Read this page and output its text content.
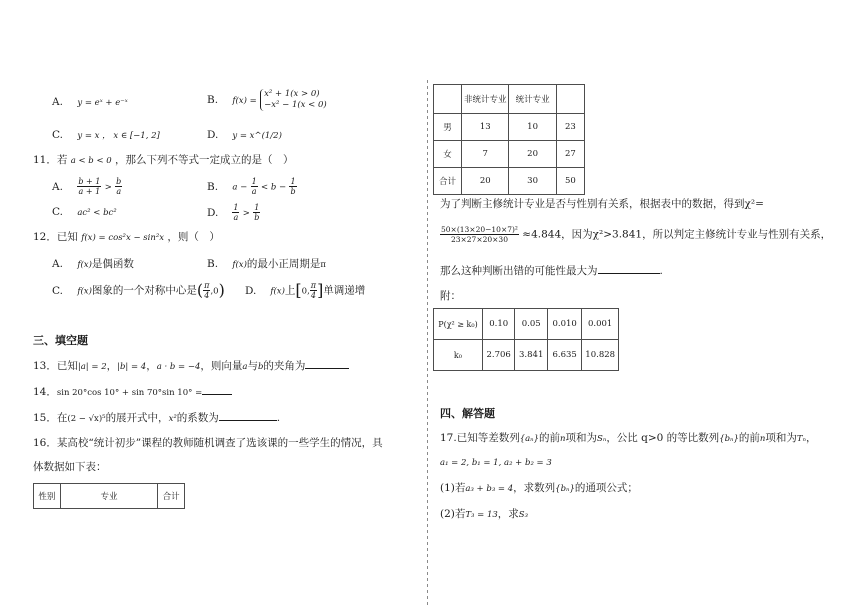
A. y = eˣ + e⁻ˣ	B. f(x) =
x² + 1(x > 0)
−x² − 1(x < 0)
C. y = x ， x ∈ [−1, 2]	D. y = x^(1/2)
11．若 a < b < 0 ，那么下列不等式一定成立的是（　）
A. $\frac{b + 1}{a + 1} > \frac{b}{a}$	B. $a - \frac{1}{a} < b - \frac{1}{b}$
C. ac² < bc²	D. $\frac{1}{a} > \frac{1}{b}$
12．已知 f(x) = cos²x − sin²x ，则（　）
A. f(x)是偶函数	B. f(x)的最小正周期是π
C. f(x)图象的一个对称中心是( $\frac{\pi}{4} ,0$) D. f(x)上[0, $\frac{\pi}{4}$ ]单调递增
三、填空题
13．已知|a| = 2，|b| = 4，a · b = −4，则向量a与b的夹角为
14．sin 20°cos 10° + sin 70°sin 10° =
15．在(2 − √x)⁵的展开式中，x²的系数为	.
16．某高校“统计初步”课程的教师随机调查了选该课的一些学生的情况，具
体数据如下表：
性别	专业	合计
	非统计专业	统计专业	
男	13	10	23
女	7	20	27
合计	20	30	50
为了判断主修统计专业是否与性别有关系，根据表中的数据，得到χ²=
$\frac{\text{50×(13×20−10×7)²}}{23\times 27\times 20\times 30} \approx 4.844$，因为χ²>3.841，所以判定主修统计专业与性别有关系，
那么这种判断出错的可能性最大为	.
附：
P(χ² ≥ k₀)	0.10	0.05	0.010	0.001
k₀	2.706	3.841	6.635	10.828
四、解答题
17.已知等差数列{aₙ}的前n项和为Sₙ，公比 q>0 的等比数列{bₙ}的前n项和为Tₙ，
a₁ = 2, b₁ = 1, a₂ + b₂ = 3
(1)若a₃ + b₃ = 4，求数列{bₙ}的通项公式；
(2)若T₃ = 13，求S₃
